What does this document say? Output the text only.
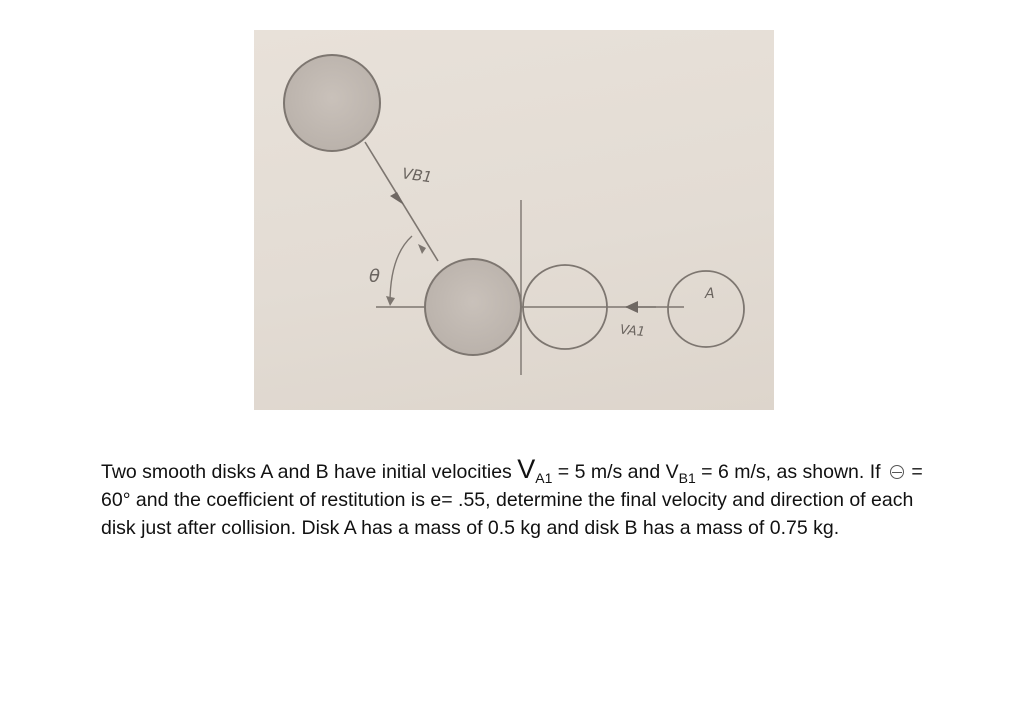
VB1
θ
VA1
A
Two smooth disks A and B have initial velocities $V_{A1} = 5$ m/s and $V_{B1} = 6$ m/s, as shown. If  = 60° and the coefficient of restitution is e= .55, determine the final velocity and direction of each disk just after collision. Disk A has a mass of 0.5 kg and disk B has a mass of 0.75 kg.
